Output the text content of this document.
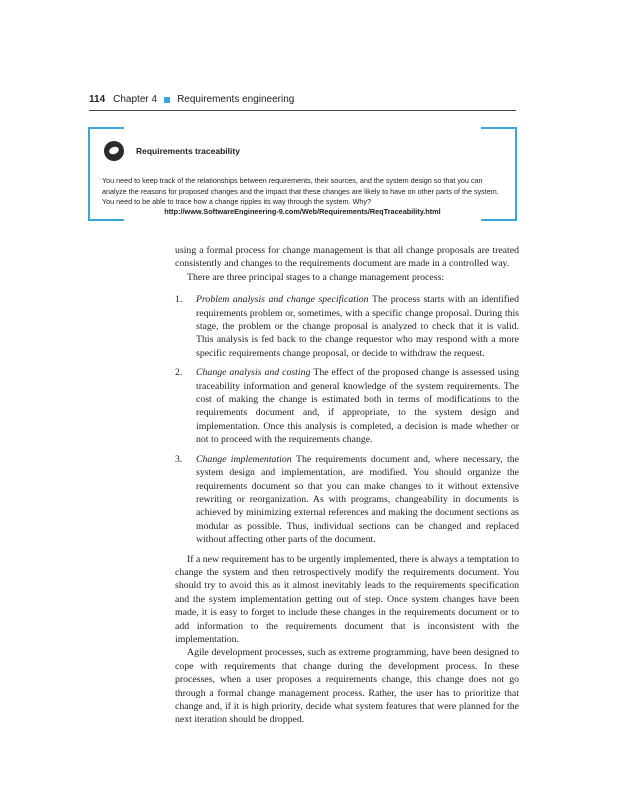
114 Chapter 4 Requirements engineering
Requirements traceability
You need to keep track of the relationships between requirements, their sources, and the system design so that you can analyze the reasons for proposed changes and the impact that these changes are likely to have on other parts of the system. You need to be able to trace how a change ripples its way through the system. Why?
http://www.SoftwareEngineering-9.com/Web/Requirements/ReqTraceability.html

using a formal process for change management is that all change proposals are treated consistently and changes to the requirements document are made in a controlled way.

There are three principal stages to a change management process:

1. Problem analysis and change specification The process starts with an identified requirements problem or, sometimes, with a specific change proposal. During this stage, the problem or the change proposal is analyzed to check that it is valid. This analysis is fed back to the change requestor who may respond with a more specific requirements change proposal, or decide to withdraw the request.
2. Change analysis and costing The effect of the proposed change is assessed using traceability information and general knowledge of the system requirements. The cost of making the change is estimated both in terms of modifications to the requirements document and, if appropriate, to the system design and implementation. Once this analysis is completed, a decision is made whether or not to proceed with the requirements change.
3. Change implementation The requirements document and, where necessary, the system design and implementation, are modified. You should organize the requirements document so that you can make changes to it without extensive rewriting or reorganization. As with programs, changeability in documents is achieved by minimizing external references and making the document sections as modular as possible. Thus, individual sections can be changed and replaced without affecting other parts of the document.

If a new requirement has to be urgently implemented, there is always a temptation to change the system and then retrospectively modify the requirements document. You should try to avoid this as it almost inevitably leads to the requirements specification and the system implementation getting out of step. Once system changes have been made, it is easy to forget to include these changes in the requirements document or to add information to the requirements document that is inconsistent with the implementation.

Agile development processes, such as extreme programming, have been designed to cope with requirements that change during the development process. In these processes, when a user proposes a requirements change, this change does not go through a formal change management process. Rather, the user has to prioritize that change and, if it is high priority, decide what system features that were planned for the next iteration should be dropped.
